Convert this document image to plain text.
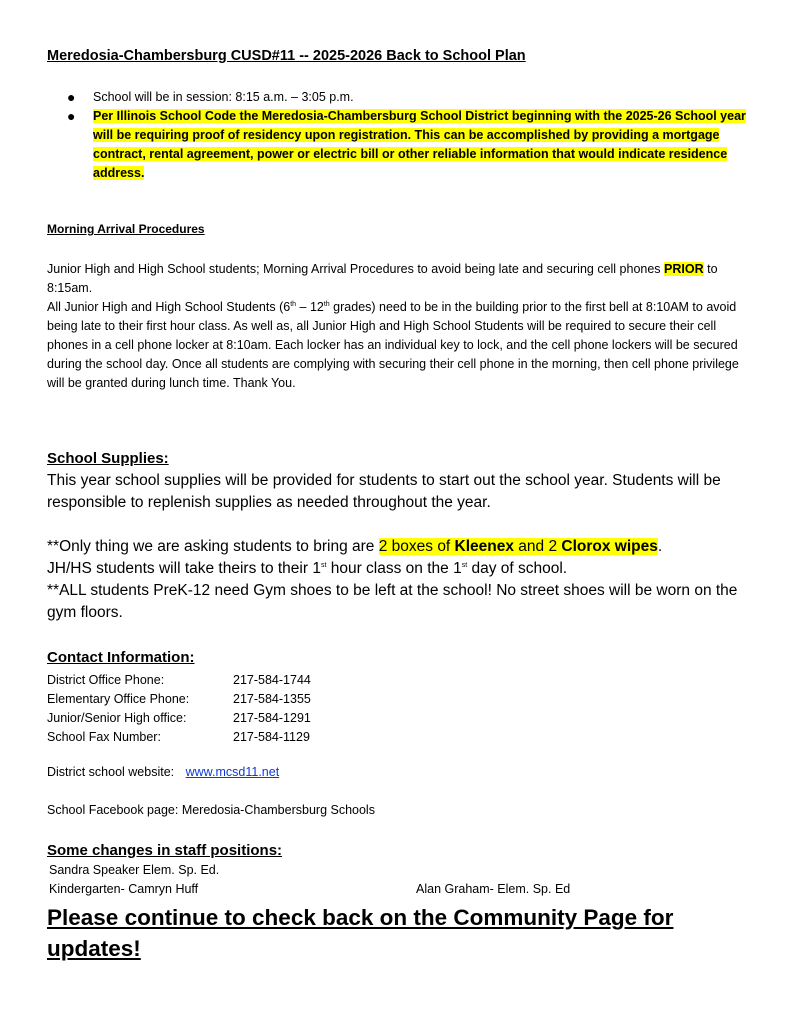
Meredosia-Chambersburg CUSD#11 -- 2025-2026 Back to School Plan
● School will be in session: 8:15 a.m. – 3:05 p.m.
● Per Illinois School Code the Meredosia-Chambersburg School District beginning with the 2025-26 School year will be requiring proof of residency upon registration. This can be accomplished by providing a mortgage contract, rental agreement, power or electric bill or other reliable information that would indicate residence address.
Morning Arrival Procedures

Junior High and High School students; Morning Arrival Procedures to avoid being late and securing cell phones PRIOR to 8:15am.

All Junior High and High School Students (6th – 12th grades) need to be in the building prior to the first bell at 8:10AM to avoid being late to their first hour class. As well as, all Junior High and High School Students will be required to secure their cell phones in a cell phone locker at 8:10am. Each locker has an individual key to lock, and the cell phone lockers will be secured during the school day. Once all students are complying with securing their cell phone in the morning, then cell phone privilege will be granted during lunch time. Thank You.

School Supplies:

This year school supplies will be provided for students to start out the school year. Students will be responsible to replenish supplies as needed throughout the year.

**Only thing we are asking students to bring are 2 boxes of Kleenex and 2 Clorox wipes.

JH/HS students will take theirs to their 1st hour class on the 1st day of school.

**ALL students PreK-12 need Gym shoes to be left at the school! No street shoes will be worn on the gym floors.

Contact Information:
District Office Phone:	217-584-1744
Elementary Office Phone:	217-584-1355
Junior/Senior High office:	217-584-1291
School Fax Number:	217-584-1129
District school website: www.mcsd11.net
School Facebook page: Meredosia-Chambersburg Schools
Some changes in staff positions:
Sandra Speaker Elem. Sp. Ed.
Kindergarten- Camryn Huff	Alan Graham- Elem. Sp. Ed
Please continue to check back on the Community Page for updates!
